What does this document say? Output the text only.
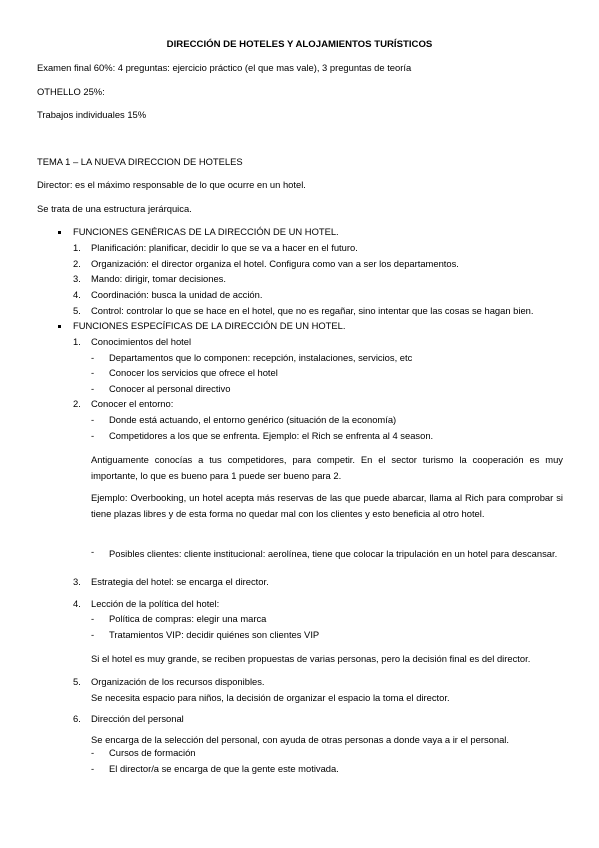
DIRECCIÓN DE HOTELES Y ALOJAMIENTOS TURÍSTICOS
Examen final 60%: 4 preguntas: ejercicio práctico (el que mas vale), 3 preguntas de teoría
OTHELLO 25%:
Trabajos individuales 15%
TEMA 1 – LA NUEVA DIRECCION DE HOTELES
Director: es el máximo responsable de lo que ocurre en un hotel.
Se trata de una estructura jerárquica.
FUNCIONES GENÉRICAS DE LA DIRECCIÓN DE UN HOTEL.
1. Planificación: planificar, decidir lo que se va a hacer en el futuro.
2. Organización: el director organiza el hotel. Configura como van a ser los departamentos.
3. Mando: dirigir, tomar decisiones.
4. Coordinación: busca la unidad de acción.
5. Control: controlar lo que se hace en el hotel, que no es regañar, sino intentar que las cosas se hagan bien.
FUNCIONES ESPECÍFICAS DE LA DIRECCIÓN DE UN HOTEL.
1. Conocimientos del hotel
- Departamentos que lo componen: recepción, instalaciones, servicios, etc
- Conocer los servicios que ofrece el hotel
- Conocer al personal directivo
2. Conocer el entorno:
- Donde está actuando, el entorno genérico (situación de la economía)
- Competidores a los que se enfrenta. Ejemplo: el Rich se enfrenta al 4 season.
Antiguamente conocías a tus competidores, para competir. En el sector turismo la cooperación es muy importante, lo que es bueno para 1 puede ser bueno para 2.
Ejemplo: Overbooking, un hotel acepta más reservas de las que puede abarcar, llama al Rich para comprobar si tiene plazas libres y de esta forma no quedar mal con los clientes y esto beneficia al otro hotel.
- Posibles clientes: cliente institucional: aerolínea, tiene que colocar la tripulación en un hotel para descansar.
3. Estrategia del hotel: se encarga el director.
4. Lección de la política del hotel:
- Política de compras: elegir una marca
- Tratamientos VIP: decidir quiénes son clientes VIP
Si el hotel es muy grande, se reciben propuestas de varias personas, pero la decisión final es del director.
5. Organización de los recursos disponibles.
Se necesita espacio para niños, la decisión de organizar el espacio la toma el director.
6. Dirección del personal
Se encarga de la selección del personal, con ayuda de otras personas a donde vaya a ir el personal.
- Cursos de formación
- El director/a se encarga de que la gente este motivada.
